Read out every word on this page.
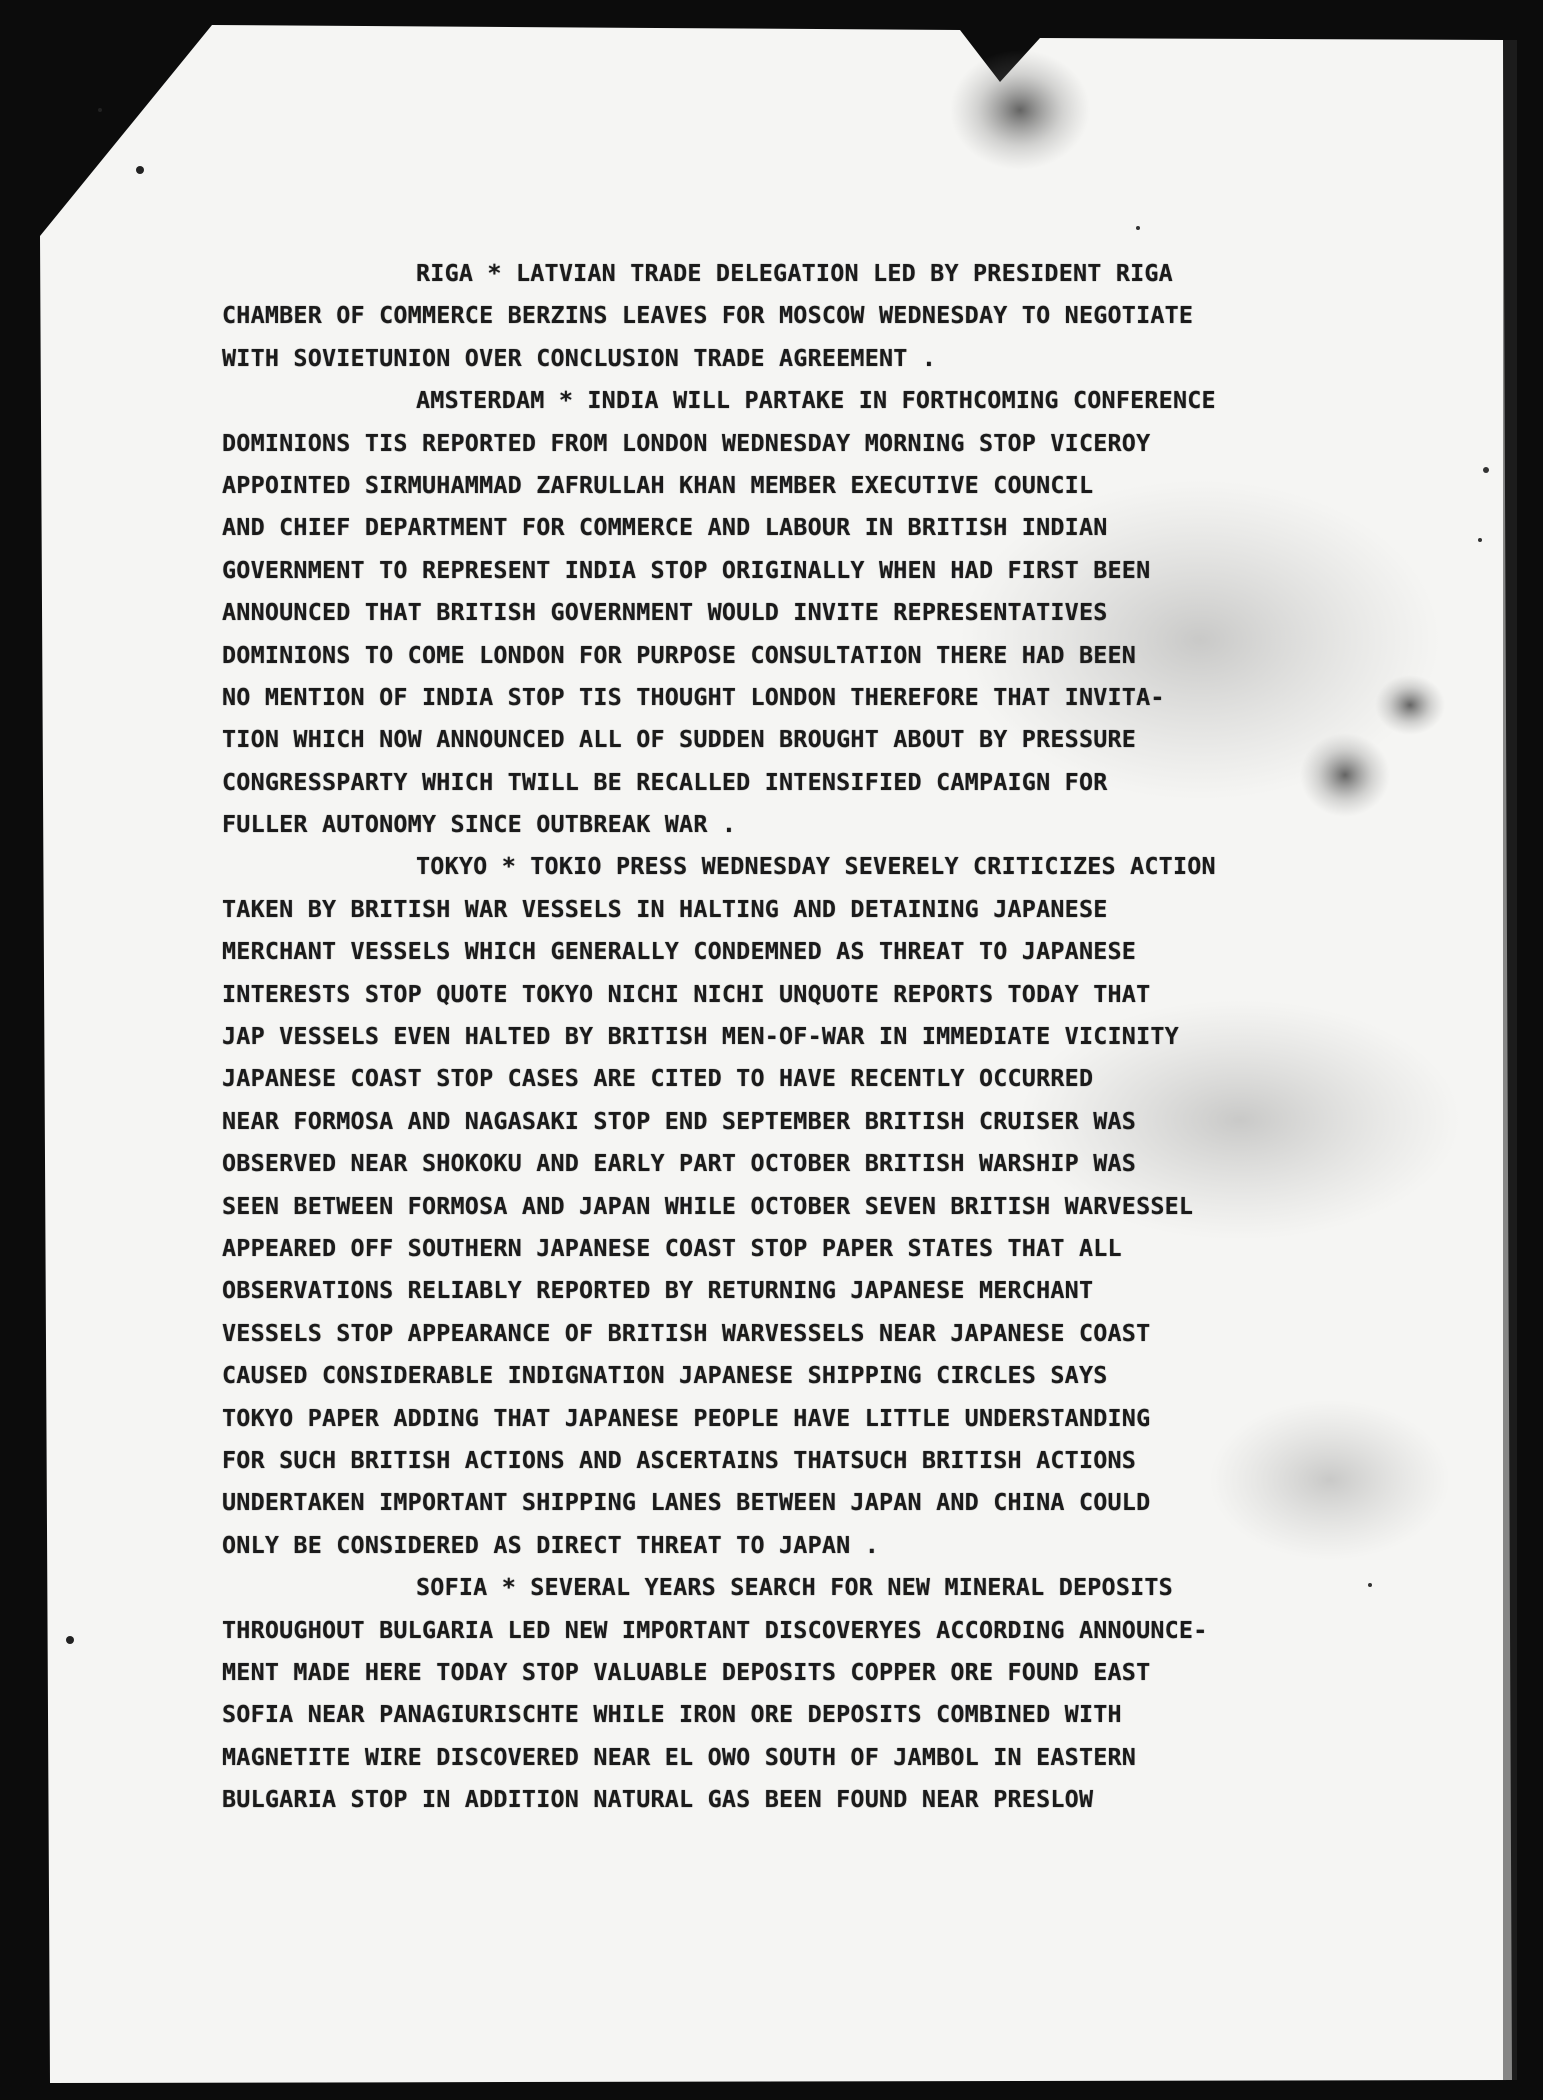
RIGA * LATVIAN TRADE DELEGATION LED BY PRESIDENT RIGA
CHAMBER OF COMMERCE BERZINS LEAVES FOR MOSCOW WEDNESDAY TO NEGOTIATE
WITH SOVIETUNION OVER CONCLUSION TRADE AGREEMENT .
AMSTERDAM * INDIA WILL PARTAKE IN FORTHCOMING CONFERENCE
DOMINIONS TIS REPORTED FROM LONDON WEDNESDAY MORNING STOP VICEROY
APPOINTED SIRMUHAMMAD ZAFRULLAH KHAN MEMBER EXECUTIVE COUNCIL
AND CHIEF DEPARTMENT FOR COMMERCE AND LABOUR IN BRITISH INDIAN
GOVERNMENT TO REPRESENT INDIA STOP ORIGINALLY WHEN HAD FIRST BEEN
ANNOUNCED THAT BRITISH GOVERNMENT WOULD INVITE REPRESENTATIVES
DOMINIONS TO COME LONDON FOR PURPOSE CONSULTATION THERE HAD BEEN
NO MENTION OF INDIA STOP TIS THOUGHT LONDON THEREFORE THAT INVITA-
TION WHICH NOW ANNOUNCED ALL OF SUDDEN BROUGHT ABOUT BY PRESSURE
CONGRESSPARTY WHICH TWILL BE RECALLED INTENSIFIED CAMPAIGN FOR
FULLER AUTONOMY SINCE OUTBREAK WAR .
TOKYO * TOKIO PRESS WEDNESDAY SEVERELY CRITICIZES ACTION
TAKEN BY BRITISH WAR VESSELS IN HALTING AND DETAINING JAPANESE
MERCHANT VESSELS WHICH GENERALLY CONDEMNED AS THREAT TO JAPANESE
INTERESTS STOP QUOTE TOKYO NICHI NICHI UNQUOTE REPORTS TODAY THAT
JAP VESSELS EVEN HALTED BY BRITISH MEN-OF-WAR IN IMMEDIATE VICINITY
JAPANESE COAST STOP CASES ARE CITED TO HAVE RECENTLY OCCURRED
NEAR FORMOSA AND NAGASAKI STOP END SEPTEMBER BRITISH CRUISER WAS
OBSERVED NEAR SHOKOKU AND EARLY PART OCTOBER BRITISH WARSHIP WAS
SEEN BETWEEN FORMOSA AND JAPAN WHILE OCTOBER SEVEN BRITISH WARVESSEL
APPEARED OFF SOUTHERN JAPANESE COAST STOP PAPER STATES THAT ALL
OBSERVATIONS RELIABLY REPORTED BY RETURNING JAPANESE MERCHANT
VESSELS STOP APPEARANCE OF BRITISH WARVESSELS NEAR JAPANESE COAST
CAUSED CONSIDERABLE INDIGNATION JAPANESE SHIPPING CIRCLES SAYS
TOKYO PAPER ADDING THAT JAPANESE PEOPLE HAVE LITTLE UNDERSTANDING
FOR SUCH BRITISH ACTIONS AND ASCERTAINS THATSUCH BRITISH ACTIONS
UNDERTAKEN IMPORTANT SHIPPING LANES BETWEEN JAPAN AND CHINA COULD
ONLY BE CONSIDERED AS DIRECT THREAT TO JAPAN .
SOFIA * SEVERAL YEARS SEARCH FOR NEW MINERAL DEPOSITS
THROUGHOUT BULGARIA LED NEW IMPORTANT DISCOVERYES ACCORDING ANNOUNCE-
MENT MADE HERE TODAY STOP VALUABLE DEPOSITS COPPER ORE FOUND EAST
SOFIA NEAR PANAGIURISCHTE WHILE IRON ORE DEPOSITS COMBINED WITH
MAGNETITE WIRE DISCOVERED NEAR EL OWO SOUTH OF JAMBOL IN EASTERN
BULGARIA STOP IN ADDITION NATURAL GAS BEEN FOUND NEAR PRESLOW
